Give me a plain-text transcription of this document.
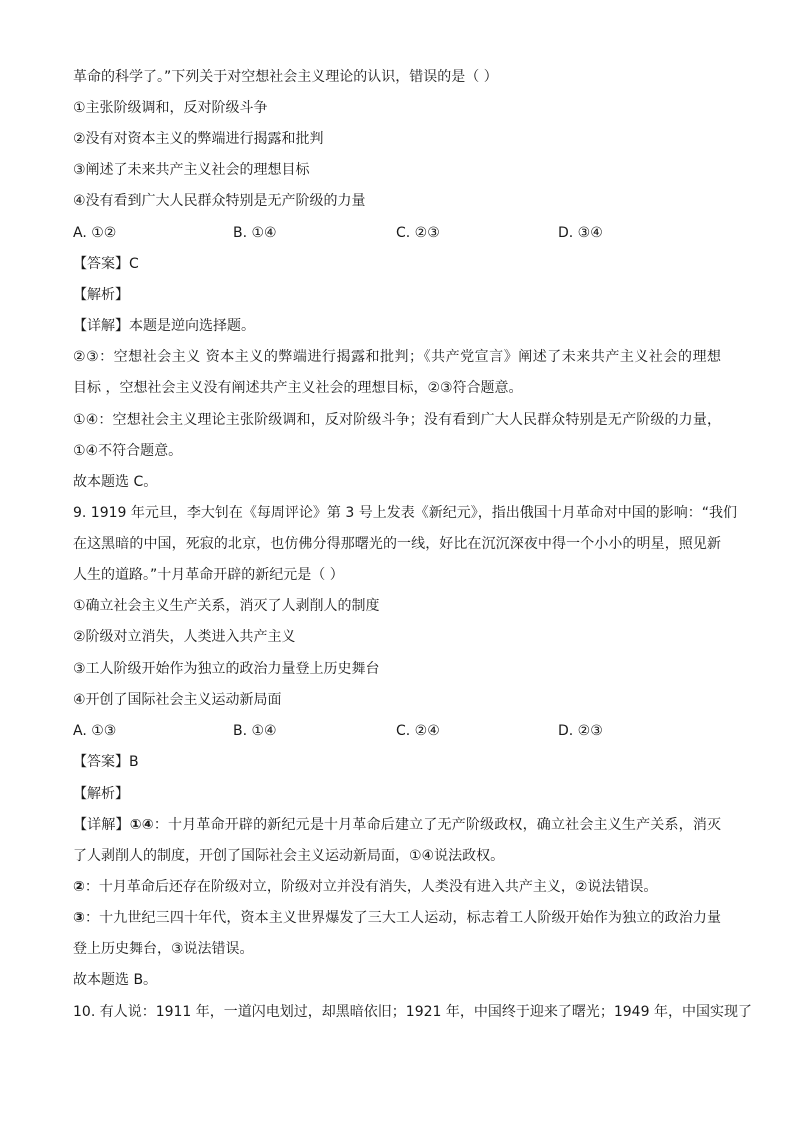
革命的科学了。”下列关于对空想社会主义理论的认识，错误的是（ ）
①主张阶级调和，反对阶级斗争
②没有对资本主义的弊端进行揭露和批判
③阐述了未来共产主义社会的理想目标
④没有看到广大人民群众特别是无产阶级的力量
A. ①②	B. ①④	C. ②③	D. ③④
【答案】C
【解析】
【详解】本题是逆向选择题。
②③：空想社会主义 资本主义的弊端进行揭露和批判；《共产党宣言》阐述了未来共产主义社会的理想
目标 ，空想社会主义没有阐述共产主义社会的理想目标，②③符合题意。
①④：空想社会主义理论主张阶级调和，反对阶级斗争；没有看到广大人民群众特别是无产阶级的力量，
①④不符合题意。
故本题选 C。
9. 1919 年元旦，李大钊在《每周评论》第 3 号上发表《新纪元》，指出俄国十月革命对中国的影响：“我们
在这黑暗的中国，死寂的北京，也仿佛分得那曙光的一线，好比在沉沉深夜中得一个小小的明星，照见新
人生的道路。”十月革命开辟的新纪元是（ ）
①确立社会主义生产关系，消灭了人剥削人的制度
②阶级对立消失，人类进入共产主义
③工人阶级开始作为独立的政治力量登上历史舞台
④开创了国际社会主义运动新局面
A. ①③	B. ①④	C. ②④	D. ②③
【答案】B
【解析】
【详解】①④：十月革命开辟的新纪元是十月革命后建立了无产阶级政权，确立社会主义生产关系，消灭
了人剥削人的制度，开创了国际社会主义运动新局面，①④说法政权。
②：十月革命后还存在阶级对立，阶级对立并没有消失，人类没有进入共产主义，②说法错误。
③：十九世纪三四十年代，资本主义世界爆发了三大工人运动，标志着工人阶级开始作为独立的政治力量
登上历史舞台，③说法错误。
故本题选 B。
10. 有人说：1911 年，一道闪电划过，却黑暗依旧；1921 年，中国终于迎来了曙光；1949 年，中国实现了
